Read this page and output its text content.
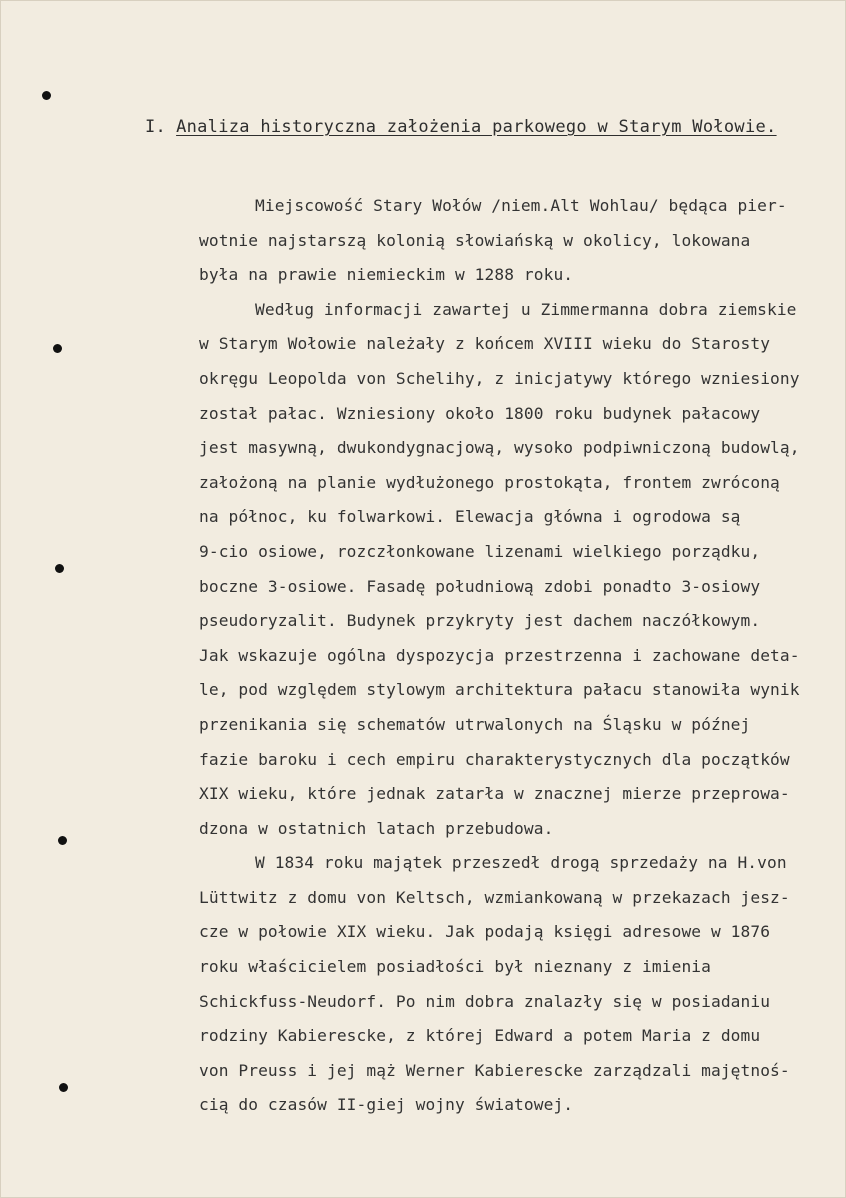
I. Analiza historyczna założenia parkowego w Starym Wołowie.
Miejscowość Stary Wołów /niem.Alt Wohlau/ będąca pier-
wotnie najstarszą kolonią słowiańską w okolicy, lokowana
była na prawie niemieckim w 1288 roku.
Według informacji zawartej u Zimmermanna dobra ziemskie
w Starym Wołowie należały z końcem XVIII wieku do Starosty
okręgu Leopolda von Schelihy, z inicjatywy którego wzniesiony
został pałac. Wzniesiony około 1800 roku budynek pałacowy
jest masywną, dwukondygnacjową, wysoko podpiwniczoną budowlą,
założoną na planie wydłużonego prostokąta, frontem zwróconą
na północ, ku folwarkowi. Elewacja główna i ogrodowa są
9-cio osiowe, rozczłonkowane lizenami wielkiego porządku,
boczne 3-osiowe. Fasadę południową zdobi ponadto 3-osiowy
pseudoryzalit. Budynek przykryty jest dachem naczółkowym.
Jak wskazuje ogólna dyspozycja przestrzenna i zachowane deta-
le, pod względem stylowym architektura pałacu stanowiła wynik
przenikania się schematów utrwalonych na Śląsku w późnej
fazie baroku i cech empiru charakterystycznych dla początków
XIX wieku, które jednak zatarła w znacznej mierze przeprowa-
dzona w ostatnich latach przebudowa.
W 1834 roku majątek przeszedł drogą sprzedaży na H.von
Lüttwitz z domu von Keltsch, wzmiankowaną w przekazach jesz-
cze w połowie XIX wieku. Jak podają księgi adresowe w 1876
roku właścicielem posiadłości był nieznany z imienia
Schickfuss-Neudorf. Po nim dobra znalazły się w posiadaniu
rodziny Kabierescke, z której Edward a potem Maria z domu
von Preuss i jej mąż Werner Kabierescke zarządzali majętnoś-
cią do czasów II-giej wojny światowej.
